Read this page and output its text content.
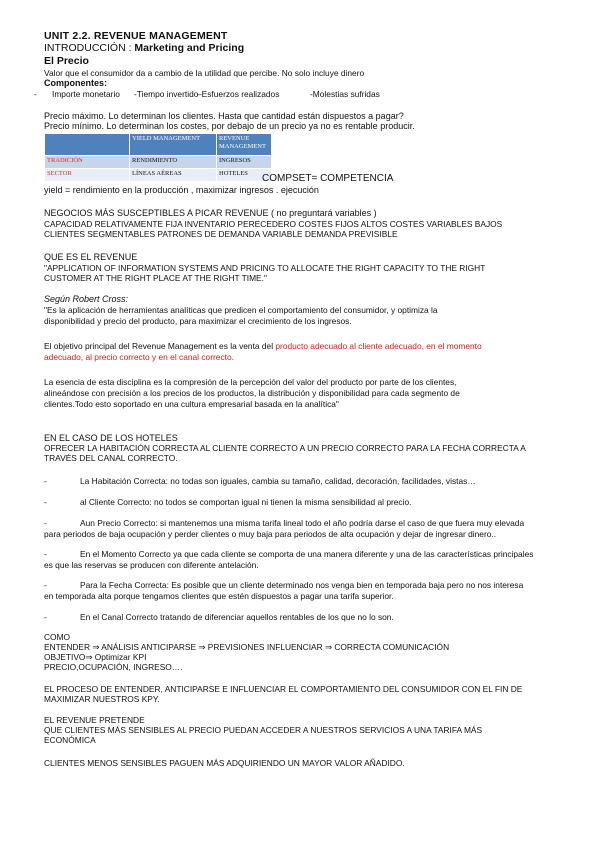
UNIT 2.2. REVENUE MANAGEMENT
INTRODUCCIÓN : Marketing and Pricing
El Precio
Valor que el consumidor da a cambio de la utilidad que percibe. No solo incluye dinero
Componentes:
- Importe monetario -Tiempo invertido
–Esfuerzos realizados	-Molestias sufridas
Precio máximo. Lo determinan los clientes. Hasta que cantidad están dispuestos a pagar?
Precio mínimo. Lo determinan los costes, por debajo de un precio ya no es rentable producir.
	YIELD MANAGEMENT	REVENUE MANAGEMENT
TRADICIÓN	RENDIMIENTO	INGRESOS
SECTOR	LÍNEAS AÉREAS	HOTELES COMPSET= COMPETENCIA
yield = rendimiento en la producción , maximizar ingresos . ejecución
NEGOCIOS MÁS SUSCEPTIBLES A PICAR REVENUE ( no preguntará variables )
CAPACIDAD RELATIVAMENTE FIJA INVENTARIO PERECEDERO COSTES FIJOS ALTOS COSTES VARIABLES BAJOS
CLIENTES SEGMENTABLES PATRONES DE DEMANDA VARIABLE DEMANDA PREVISIBLE
QUE ES EL REVENUE
"APPLICATION OF INFORMATION SYSTEMS AND PRICING TO ALLOCATE THE RIGHT CAPACITY TO THE RIGHT
CUSTOMER AT THE RIGHT PLACE AT THE RIGHT TIME."
Según Robert Cross:
"Es la aplicación de herramientas analíticas que predicen el comportamiento del consumidor, y optimiza la
disponibilidad y precio del producto, para maximizar el crecimiento de los ingresos.
El objetivo principal del Revenue Management es la venta del producto adecuado al cliente adecuado, en el momento
adecuado, al precio correcto y en el canal correcto.
La esencia de esta disciplina es la compresión de la percepción del valor del producto por parte de los clientes,
alineándose con precisión a los precios de los productos, la distribución y disponibilidad para cada segmento de
clientes.Todo esto soportado en una cultura empresarial basada en la analítica"
EN EL CASO DE LOS HOTELES
OFRECER LA HABITACIÓN CORRECTA AL CLIENTE CORRECTO A UN PRECIO CORRECTO PARA LA FECHA CORRECTA A
TRAVÉS DEL CANAL CORRECTO.
-	La Habitación Correcta: no todas son iguales, cambia su tamaño, calidad, decoración, facilidades, vistas…
-	al Cliente Correcto: no todos se comportan igual ni tienen la misma sensibilidad al precio.
-	Aun Precio Correcto: si mantenemos una misma tarifa lineal todo el año podría darse el caso de que fuera muy elevada
para periodos de baja ocupación y perder clientes o muy baja para periodos de alta ocupación y dejar de ingresar dinero..
-	En el Momento Correcto ya que cada cliente se comporta de una manera diferente y una de las características principales
es que las reservas se producen con diferente antelación.
-	Para la Fecha Correcta: Es posible que un cliente determinado nos venga bien en temporada baja pero no nos interesa
en temporada alta porque tengamos clientes que estén dispuestos a pagar una tarifa superior.
-	En el Canal Correcto tratando de diferenciar aquellos rentables de los que no lo son.
COMO
ENTENDER ⇒ ANÁLISIS ANTICIPARSE ⇒ PREVISIONES INFLUENCIAR ⇒ CORRECTA COMUNICACIÓN
OBJETIVO⇒ Optimizar KPI
PRECIO,OCUPACIÓN, INGRESO….
EL PROCESO DE ENTENDER, ANTICIPARSE E INFLUENCIAR EL COMPORTAMIENTO DEL CONSUMIDOR CON EL FIN DE
MAXIMIZAR NUESTROS KPY.
EL REVENUE PRETENDE
QUE CLIENTES MÁS SENSIBLES AL PRECIO PUEDAN ACCEDER A NUESTROS SERVICIOS A UNA TARIFA MÁS
ECONÓMICA
CLIENTES MENOS SENSIBLES PAGUEN MÁS ADQUIRIENDO UN MAYOR VALOR AÑADIDO.
